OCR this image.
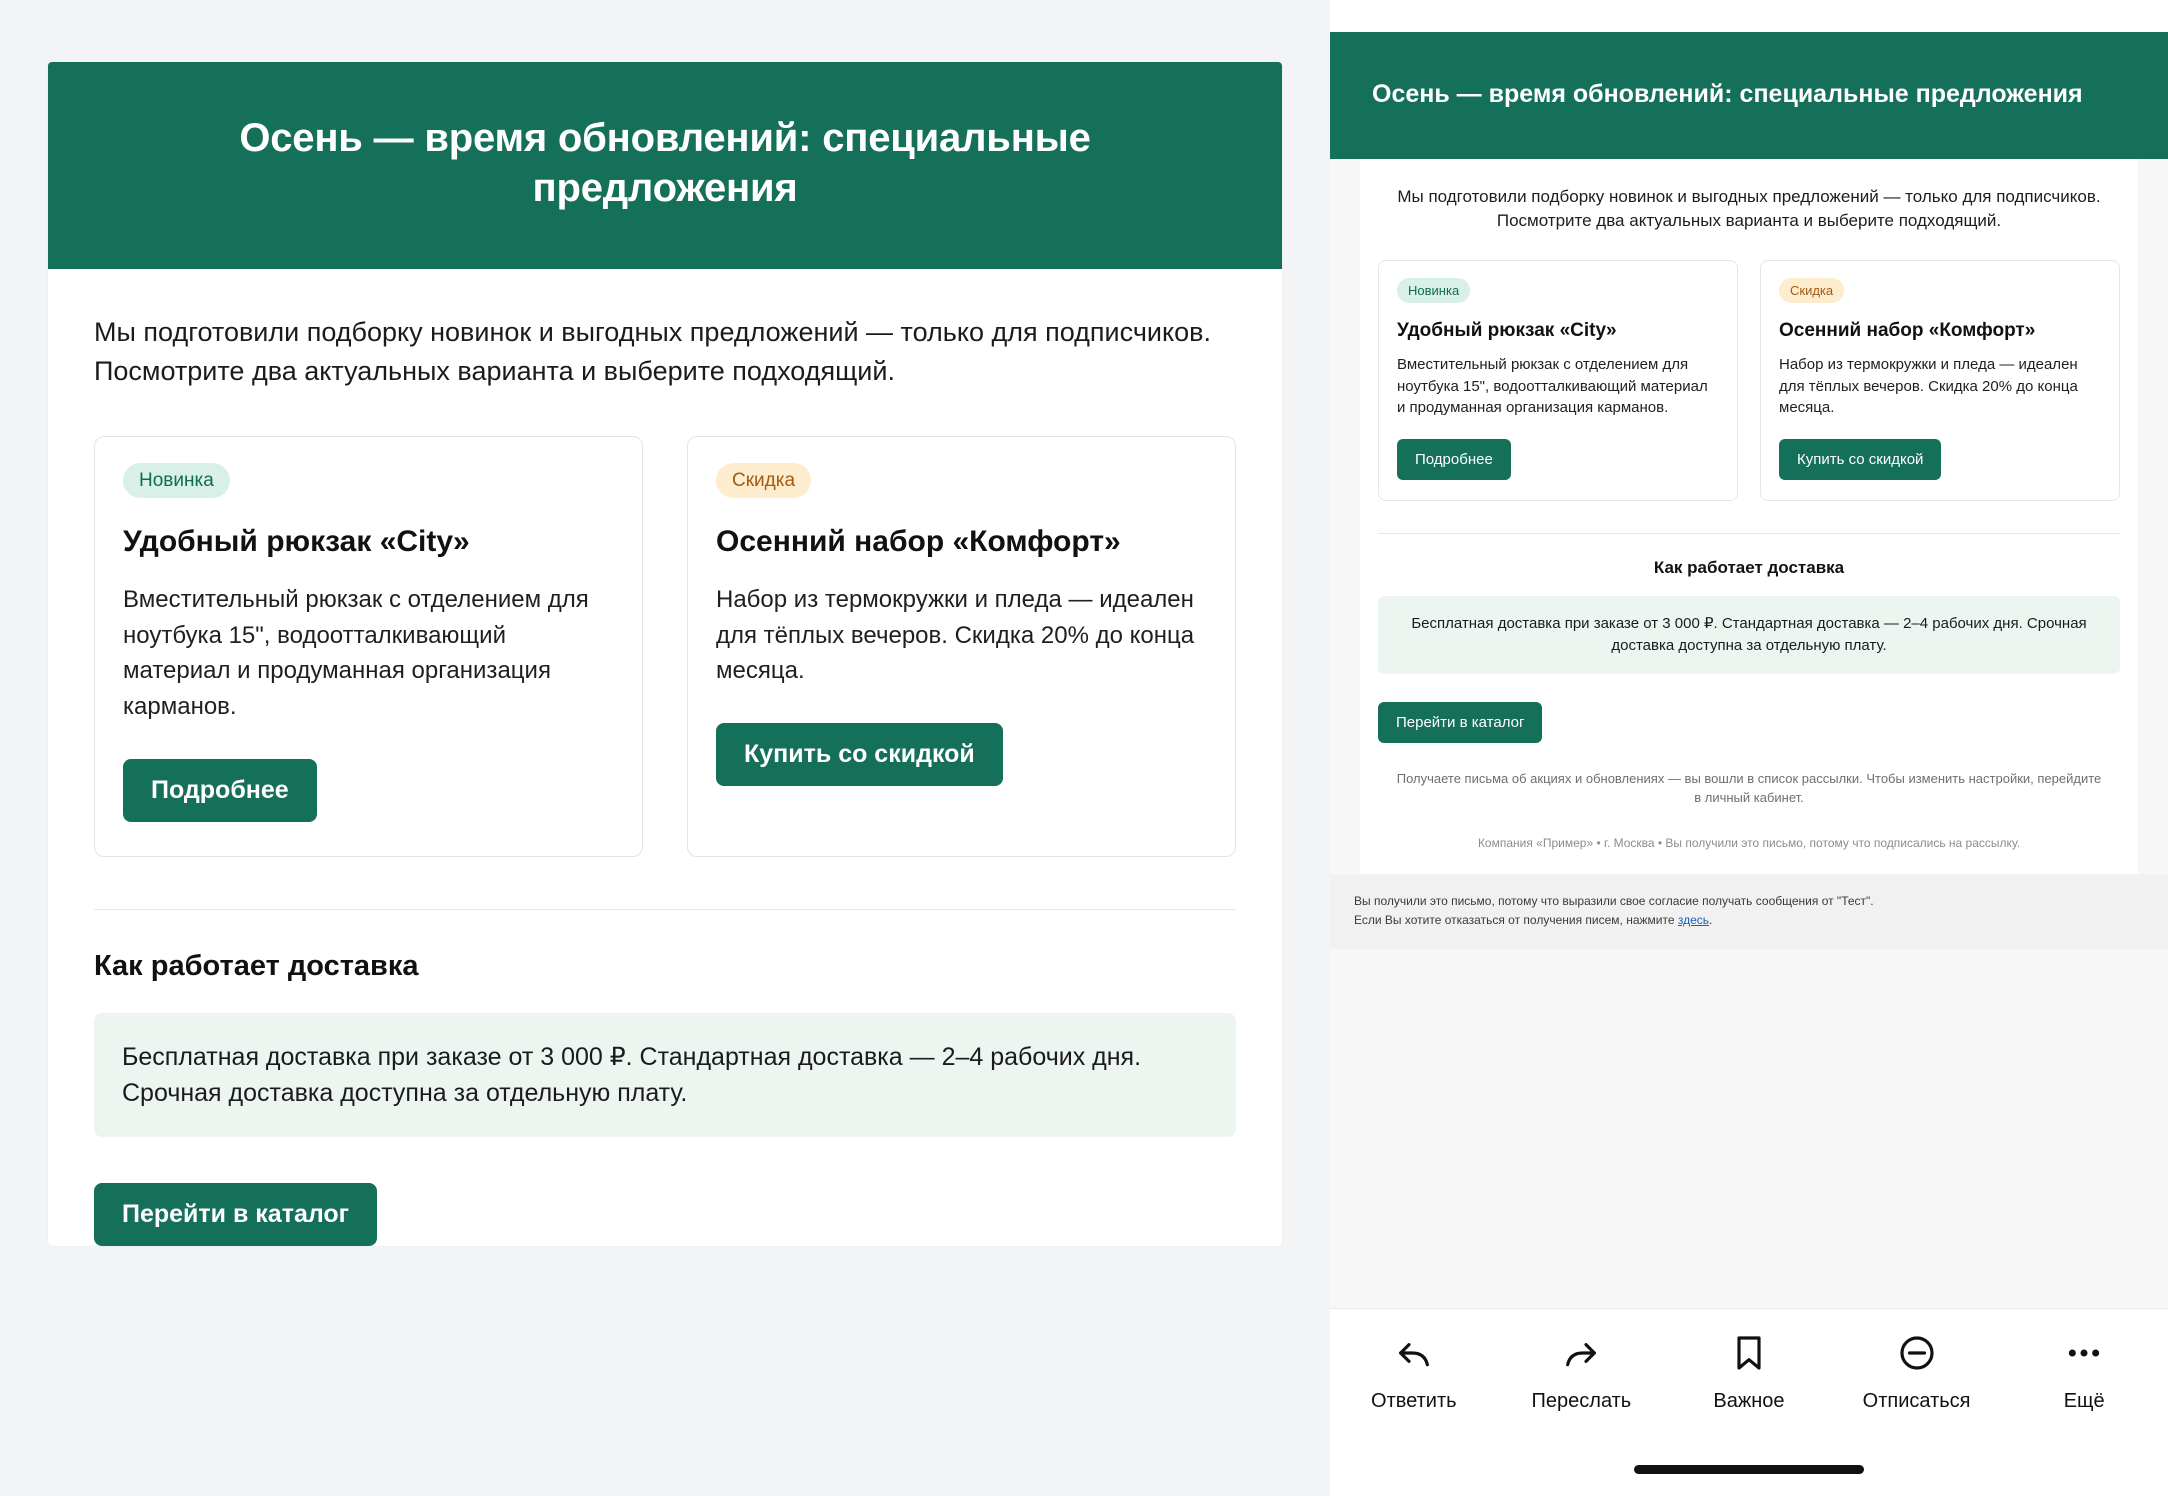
Осень — время обновлений: специальные предложения

Мы подготовили подборку новинок и выгодных предложений — только для подписчиков. Посмотрите два актуальных варианта и выберите подходящий.

Новинка
Удобный рюкзак «City»

Вместительный рюкзак с отделением для ноутбука 15", водоотталкивающий материал и продуманная организация карманов.

Подробнее
Скидка
Осенний набор «Комфорт»

Набор из термокружки и пледа — идеален для тёплых вечеров. Скидка 20% до конца месяца.

Купить со скидкой
Как работает доставка
Бесплатная доставка при заказе от 3 000 ₽. Стандартная доставка — 2–4 рабочих дня. Срочная доставка доступна за отдельную плату.
Перейти в каталог
Осень — время обновлений: специальные предложения

Мы подготовили подборку новинок и выгодных предложений — только для подписчиков. Посмотрите два актуальных варианта и выберите подходящий.

Новинка
Удобный рюкзак «City»
Вместительный рюкзак с отделением для ноутбука 15", водоотталкивающий материал и продуманная организация карманов.
Подробнее
Скидка
Осенний набор «Комфорт»
Набор из термокружки и пледа — идеален для тёплых вечеров. Скидка 20% до конца месяца.
Купить со скидкой
Как работает доставка
Бесплатная доставка при заказе от 3 000 ₽. Стандартная доставка — 2–4 рабочих дня. Срочная доставка доступна за отдельную плату.
Перейти в каталог
Получаете письма об акциях и обновлениях — вы вошли в список рассылки. Чтобы изменить настройки, перейдите в личный кабинет.
Компания «Пример» • г. Москва • Вы получили это письмо, потому что подписались на рассылку.
Вы получили это письмо, потому что выразили свое согласие получать сообщения от "Тест".
Если Вы хотите отказаться от получения писем, нажмите здесь.
Ответить	Переслать	Важное	Отписаться	Ещё
